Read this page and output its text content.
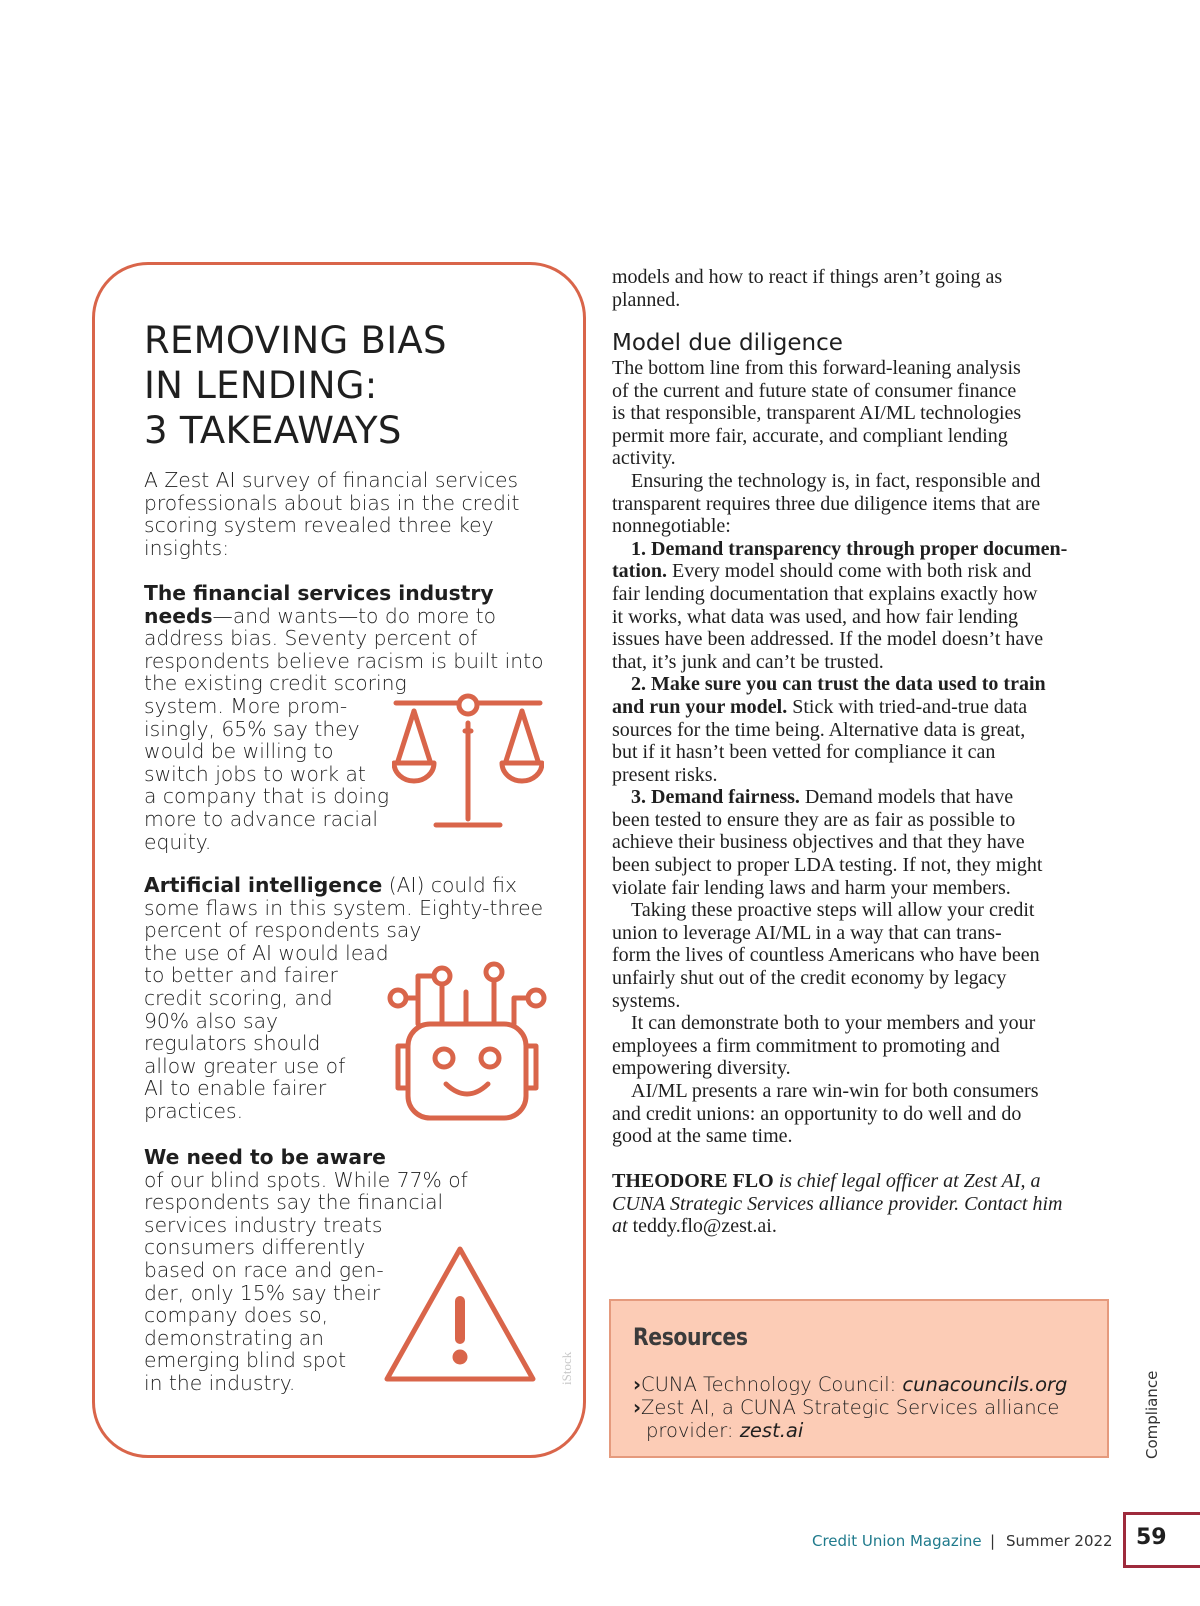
REMOVING BIAS
IN LENDING:
3 TAKEAWAYS

A Zest AI survey of financial services
professionals about bias in the credit
scoring system revealed three key
insights:

The financial services industry
needs—and wants—to do more to
address bias. Seventy percent of
respondents believe racism is built into
the existing credit scoring
system. More prom-
isingly, 65% say they
would be willing to
switch jobs to work at
a company that is doing
more to advance racial
equity.

Artificial intelligence (AI) could fix
some flaws in this system. Eighty-three
percent of respondents say
the use of AI would lead
to better and fairer
credit scoring, and
90% also say
regulators should
allow greater use of
AI to enable fairer
practices.

We need to be aware
of our blind spots. While 77% of
respondents say the financial
services industry treats
consumers differently
based on race and gen-
der, only 15% say their
company does so,
demonstrating an
emerging blind spot
in the industry.	iStock

models and how to react if things aren’t going as
planned.

Model due diligence
The bottom line from this forward-leaning analysis
of the current and future state of consumer finance
is that responsible, transparent AI/ML technologies
permit more fair, accurate, and compliant lending
activity.
Ensuring the technology is, in fact, responsible and
transparent requires three due diligence items that are
nonnegotiable:
1. Demand transparency through proper documen-
tation. Every model should come with both risk and
fair lending documentation that explains exactly how
it works, what data was used, and how fair lending
issues have been addressed. If the model doesn’t have
that, it’s junk and can’t be trusted.
2. Make sure you can trust the data used to train
and run your model. Stick with tried-and-true data
sources for the time being. Alternative data is great,
but if it hasn’t been vetted for compliance it can
present risks.
3. Demand fairness. Demand models that have
been tested to ensure they are as fair as possible to
achieve their business objectives and that they have
been subject to proper LDA testing. If not, they might
violate fair lending laws and harm your members.
Taking these proactive steps will allow your credit
union to leverage AI/ML in a way that can trans-
form the lives of countless Americans who have been
unfairly shut out of the credit economy by legacy
systems.
It can demonstrate both to your members and your
employees a firm commitment to promoting and
empowering diversity.
AI/ML presents a rare win-win for both consumers
and credit unions: an opportunity to do well and do
good at the same time.

THEODORE FLO is chief legal officer at Zest AI, a
CUNA Strategic Services alliance provider. Contact him
at teddy.flo@zest.ai.

Resources
›CUNA Technology Council: cunacouncils.org
›Zest AI, a CUNA Strategic Services alliance
provider: zest.ai	Compliance
Credit Union Magazine | Summer 2022 59
